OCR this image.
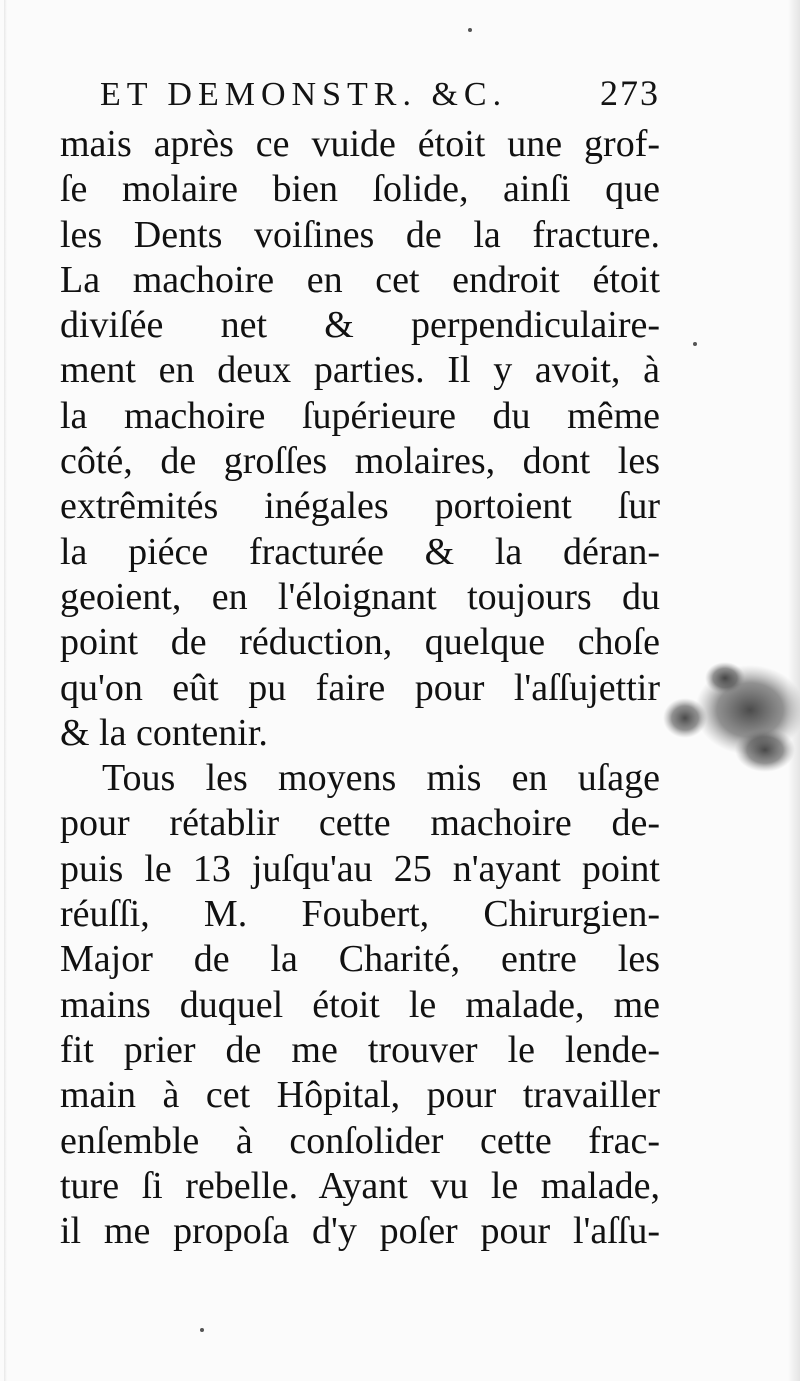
ET DEMONSTR. &C.	273
mais après ce vuide étoit une grof-
ſe molaire bien ſolide, ainſi que
les Dents voiſines de la fracture.
La machoire en cet endroit étoit
diviſée net & perpendiculaire-
ment en deux parties. Il y avoit, à
la machoire ſupérieure du même
côté, de groſſes molaires, dont les
extrêmités inégales portoient ſur
la piéce fracturée & la déran-
geoient, en l'éloignant toujours du
point de réduction, quelque choſe
qu'on eût pu faire pour l'aſſujettir
& la contenir.
Tous les moyens mis en uſage
pour rétablir cette machoire de-
puis le 13 juſqu'au 25 n'ayant point
réuſſi, M. Foubert, Chirurgien-
Major de la Charité, entre les
mains duquel étoit le malade, me
fit prier de me trouver le lende-
main à cet Hôpital, pour travailler
enſemble à conſolider cette frac-
ture ſi rebelle. Ayant vu le malade,
il me propoſa d'y poſer pour l'aſſu-
